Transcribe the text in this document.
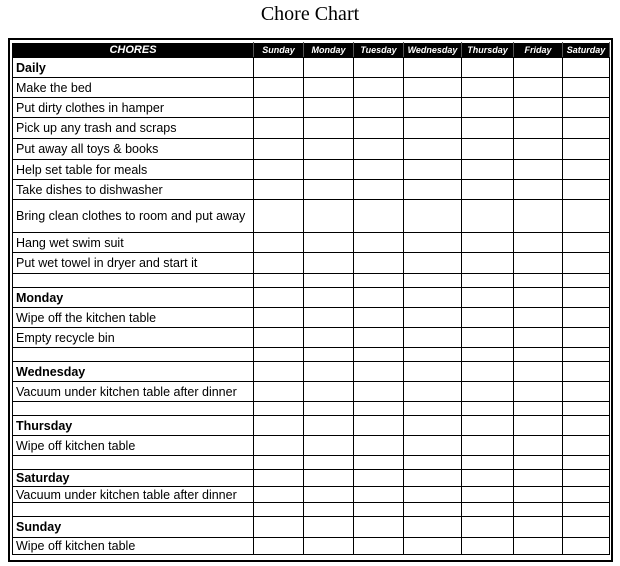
Chore Chart
CHORES	Sunday	Monday	Tuesday	Wednesday	Thursday	Friday	Saturday
Daily							
Make the bed							
Put dirty clothes in hamper							
Pick up any trash and scraps							
Put away all toys & books							
Help set table for meals							
Take dishes to dishwasher							
Bring clean clothes to room and put away							
Hang wet swim suit							
Put wet towel in dryer and start it							

Monday							
Wipe off the kitchen table							
Empty recycle bin							

Wednesday							
Vacuum under kitchen table after dinner							

Thursday							
Wipe off kitchen table							

Saturday							
Vacuum under kitchen table after dinner							

Sunday							
Wipe off kitchen table							
